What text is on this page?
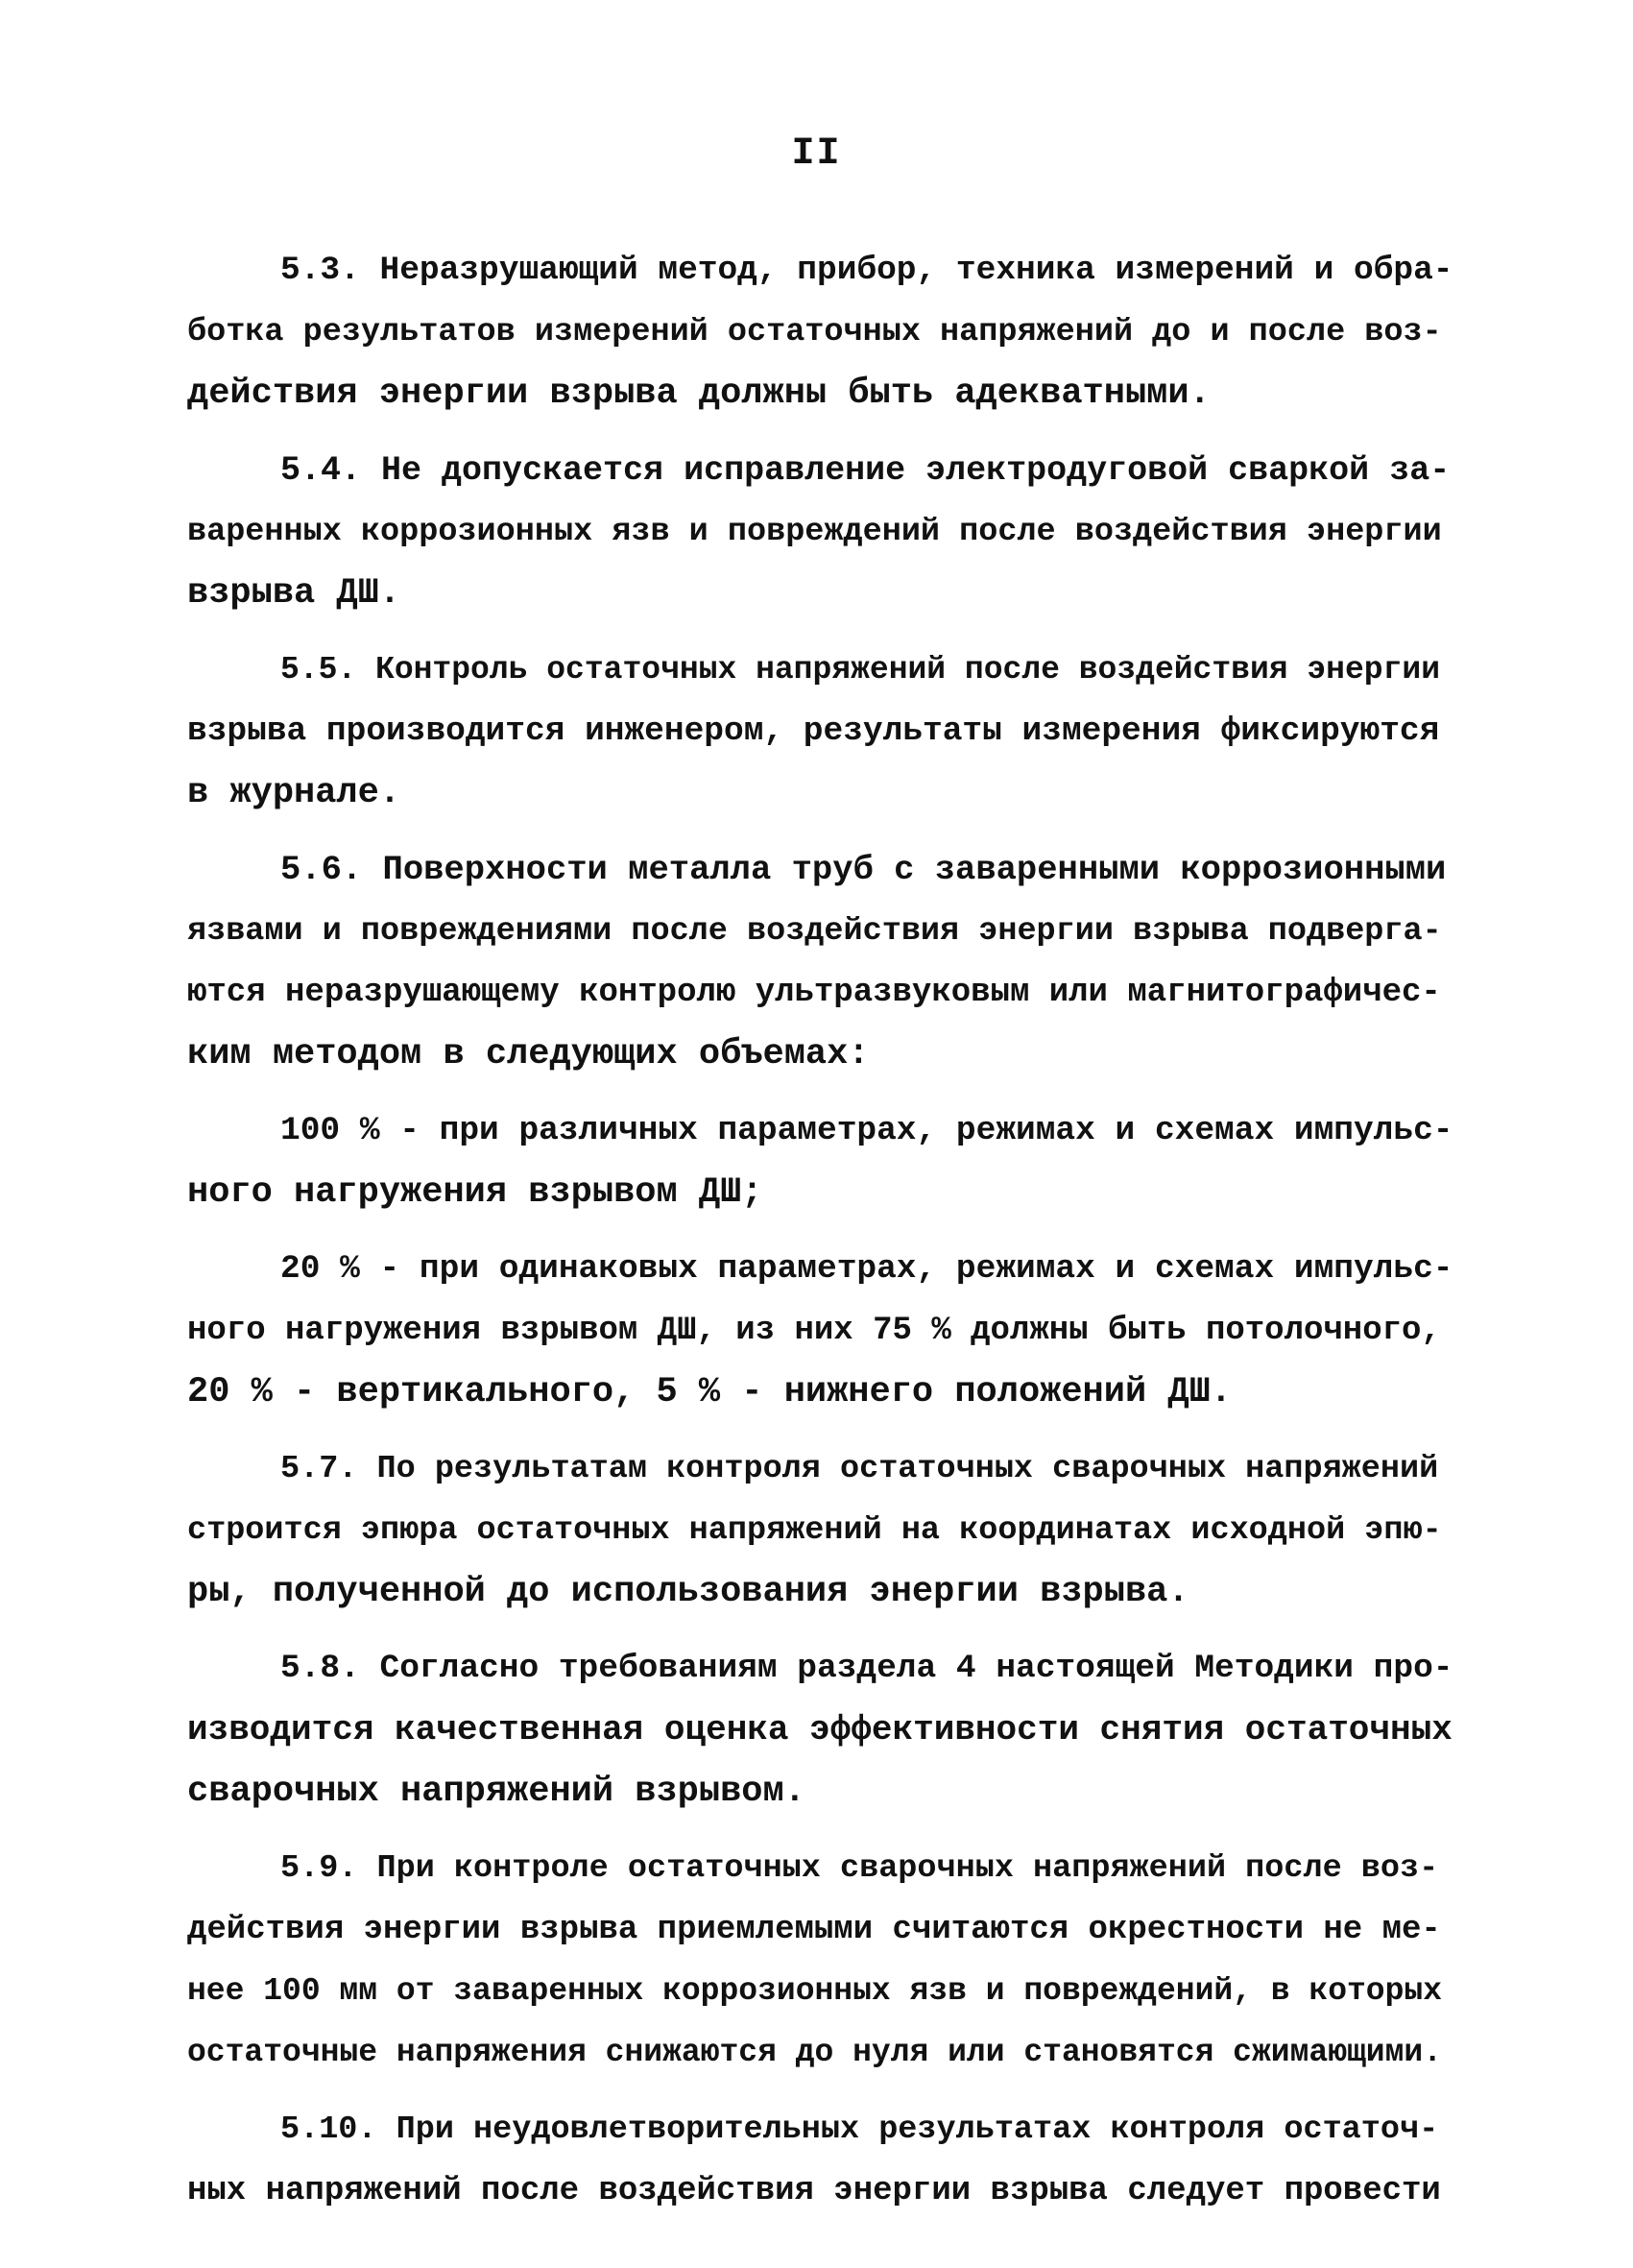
II
5.3. Неразрушающий метод, прибор, техника измерений и обра-
ботка результатов измерений остаточных напряжений до и после воз-
действия энергии взрыва должны быть адекватными.
5.4. Не допускается исправление электродуговой сваркой за-
варенных коррозионных язв и повреждений после воздействия энергии
взрыва ДШ.
5.5. Контроль остаточных напряжений после воздействия энергии
взрыва производится инженером, результаты измерения фиксируются
в журнале.
5.6. Поверхности металла труб с заваренными коррозионными
язвами и повреждениями после воздействия энергии взрыва подверга-
ются неразрушающему контролю ультразвуковым или магнитографичес-
ким методом в следующих объемах:
100 % - при различных параметрах, режимах и схемах импульс-
ного нагружения взрывом ДШ;
20 % - при одинаковых параметрах, режимах и схемах импульс-
ного нагружения взрывом ДШ, из них 75 % должны быть потолочного,
20 % - вертикального, 5 % - нижнего положений ДШ.
5.7. По результатам контроля остаточных сварочных напряжений
строится эпюра остаточных напряжений на координатах исходной эпю-
ры, полученной до использования энергии взрыва.
5.8. Согласно требованиям раздела 4 настоящей Методики про-
изводится качественная оценка эффективности снятия остаточных
сварочных напряжений взрывом.
5.9. При контроле остаточных сварочных напряжений после воз-
действия энергии взрыва приемлемыми считаются окрестности не ме-
нее 100 мм от заваренных коррозионных язв и повреждений, в которых
остаточные напряжения снижаются до нуля или становятся сжимающими.
5.10. При неудовлетворительных результатах контроля остаточ-
ных напряжений после воздействия энергии взрыва следует провести
